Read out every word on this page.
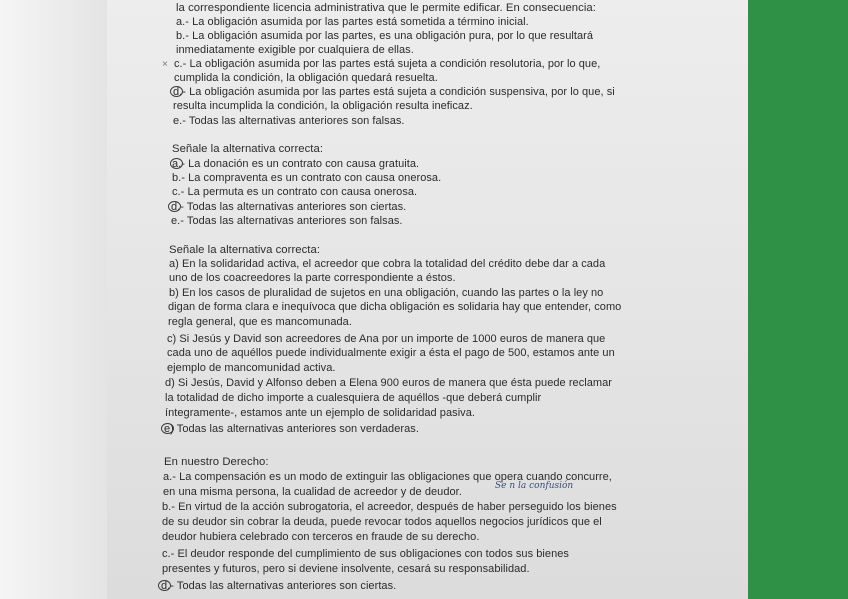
la correspondiente licencia administrativa que le permite edificar. En consecuencia:

a.- La obligación asumida por las partes está sometida a término inicial.

b.- La obligación asumida por las partes, es una obligación pura, por lo que resultará

inmediatamente exigible por cualquiera de ellas.

× c.- La obligación asumida por las partes está sujeta a condición resolutoria, por lo que,

cumplida la condición, la obligación quedará resuelta.

d.- La obligación asumida por las partes está sujeta a condición suspensiva, por lo que, si

resulta incumplida la condición, la obligación resulta ineficaz.

e.- Todas las alternativas anteriores son falsas.

Señale la alternativa correcta:

a.- La donación es un contrato con causa gratuita.

b.- La compraventa es un contrato con causa onerosa.

c.- La permuta es un contrato con causa onerosa.

d.- Todas las alternativas anteriores son ciertas.

e.- Todas las alternativas anteriores son falsas.

Señale la alternativa correcta:

a) En la solidaridad activa, el acreedor que cobra la totalidad del crédito debe dar a cada

uno de los coacreedores la parte correspondiente a éstos.

b) En los casos de pluralidad de sujetos en una obligación, cuando las partes o la ley no

digan de forma clara e inequívoca que dicha obligación es solidaria hay que entender, como

regla general, que es mancomunada.

c) Si Jesús y David son acreedores de Ana por un importe de 1000 euros de manera que

cada uno de aquéllos puede individualmente exigir a ésta el pago de 500, estamos ante un

ejemplo de mancomunidad activa.

d) Si Jesús, David y Alfonso deben a Elena 900 euros de manera que ésta puede reclamar

la totalidad de dicho importe a cualesquiera de aquéllos -que deberá cumplir

íntegramente-, estamos ante un ejemplo de solidaridad pasiva.

e) Todas las alternativas anteriores son verdaderas.

En nuestro Derecho:

a.- La compensación es un modo de extinguir las obligaciones que opera cuando concurre,

en una misma persona, la cualidad de acreedor y de deudor.	Se n la confusión

b.- En virtud de la acción subrogatoria, el acreedor, después de haber perseguido los bienes

de su deudor sin cobrar la deuda, puede revocar todos aquellos negocios jurídicos que el

deudor hubiera celebrado con terceros en fraude de su derecho.

c.- El deudor responde del cumplimiento de sus obligaciones con todos sus bienes

presentes y futuros, pero si deviene insolvente, cesará su responsabilidad.

d.- Todas las alternativas anteriores son ciertas.
